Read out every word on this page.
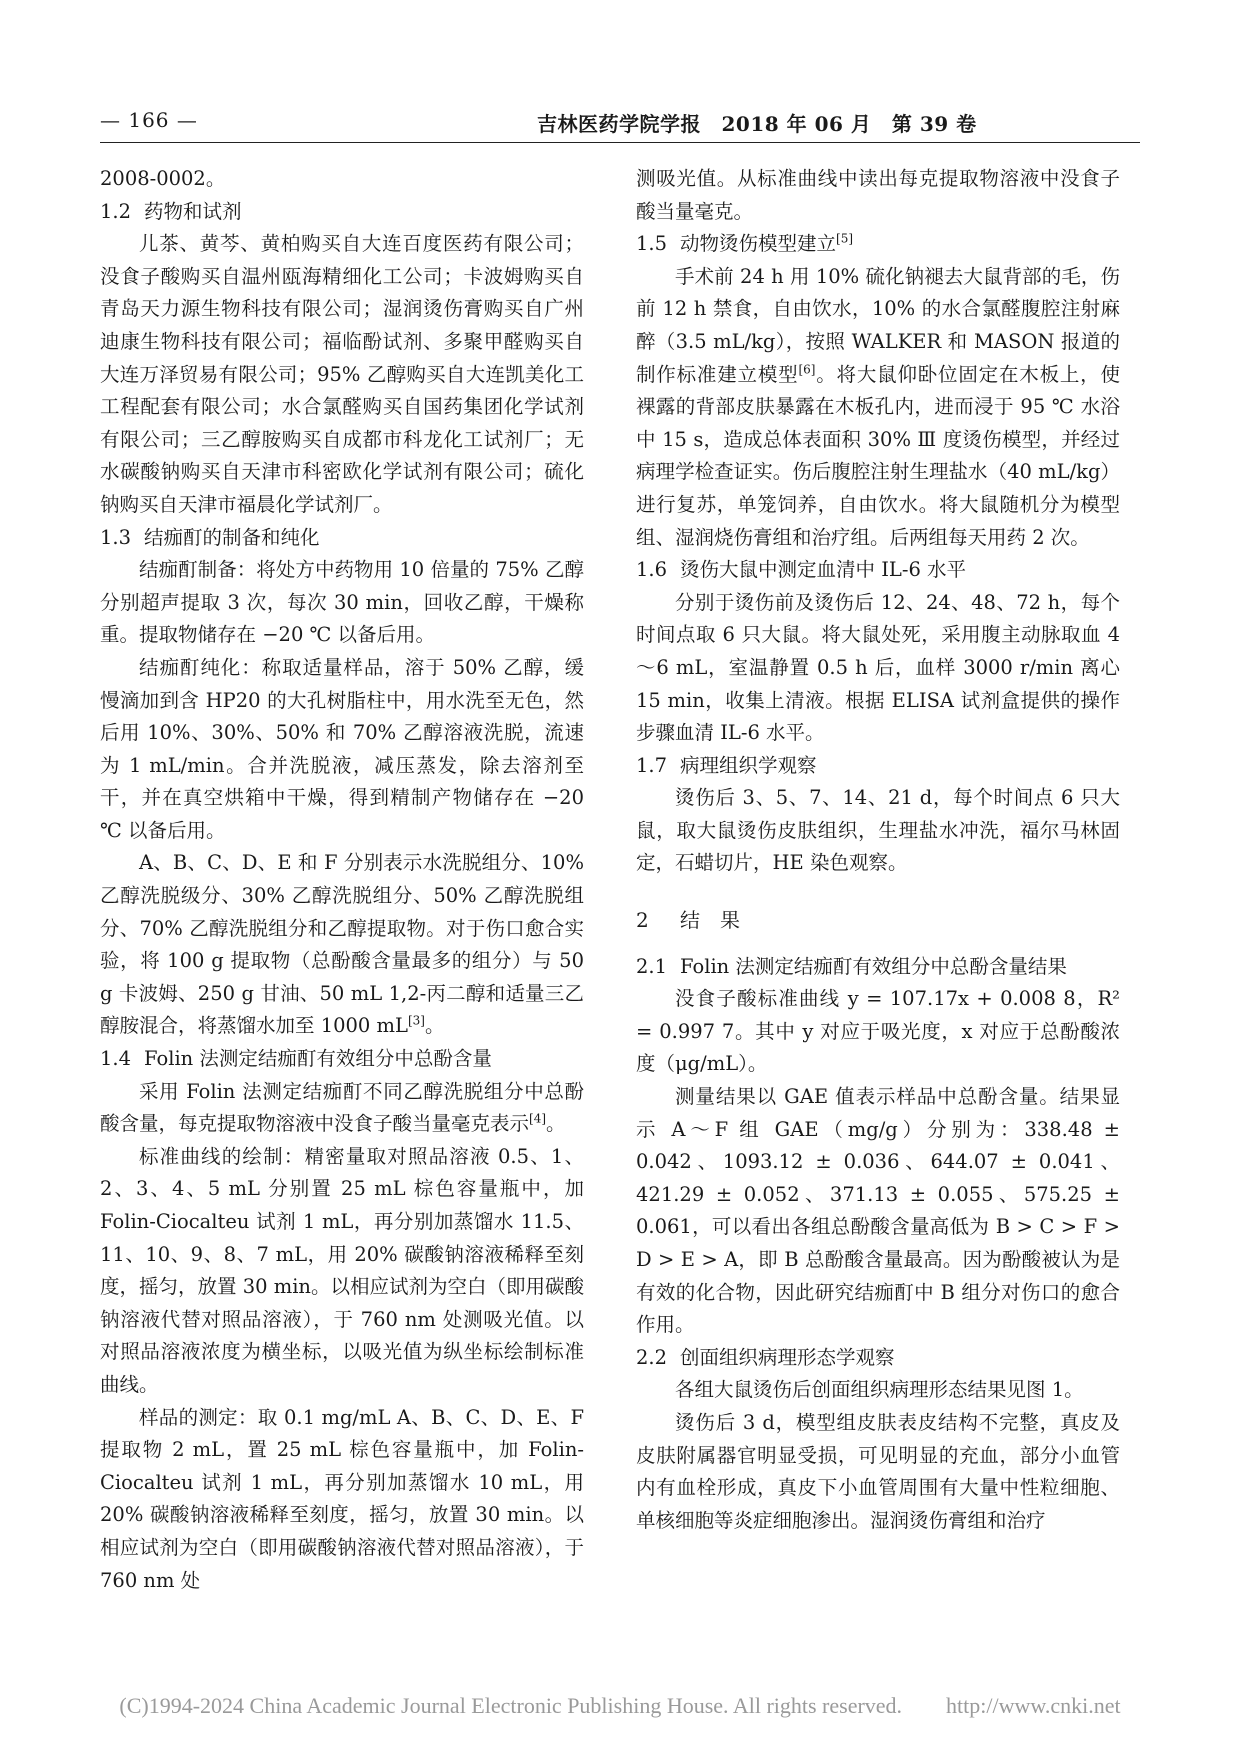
— 166 —	吉林医药学院学报　2018 年 06 月　第 39 卷

2008-0002。

1.2 药物和试剂

儿茶、黄芩、黄柏购买自大连百度医药有限公司；没食子酸购买自温州瓯海精细化工公司；卡波姆购买自青岛天力源生物科技有限公司；湿润烫伤膏购买自广州迪康生物科技有限公司；福临酚试剂、多聚甲醛购买自大连万泽贸易有限公司；95% 乙醇购买自大连凯美化工工程配套有限公司；水合氯醛购买自国药集团化学试剂有限公司；三乙醇胺购买自成都市科龙化工试剂厂；无水碳酸钠购买自天津市科密欧化学试剂有限公司；硫化钠购买自天津市福晨化学试剂厂。

1.3 结痂酊的制备和纯化

结痂酊制备：将处方中药物用 10 倍量的 75% 乙醇分别超声提取 3 次，每次 30 min，回收乙醇，干燥称重。提取物储存在 −20 ℃ 以备后用。

结痂酊纯化：称取适量样品，溶于 50% 乙醇，缓慢滴加到含 HP20 的大孔树脂柱中，用水洗至无色，然后用 10%、30%、50% 和 70% 乙醇溶液洗脱，流速为 1 mL/min。合并洗脱液，减压蒸发，除去溶剂至干，并在真空烘箱中干燥，得到精制产物储存在 −20 ℃ 以备后用。

A、B、C、D、E 和 F 分别表示水洗脱组分、10% 乙醇洗脱级分、30% 乙醇洗脱组分、50% 乙醇洗脱组分、70% 乙醇洗脱组分和乙醇提取物。对于伤口愈合实验，将 100 g 提取物（总酚酸含量最多的组分）与 50 g 卡波姆、250 g 甘油、50 mL 1,2-丙二醇和适量三乙醇胺混合，将蒸馏水加至 1000 mL[3]。

1.4 Folin 法测定结痂酊有效组分中总酚含量

采用 Folin 法测定结痂酊不同乙醇洗脱组分中总酚酸含量，每克提取物溶液中没食子酸当量毫克表示[4]。

标准曲线的绘制：精密量取对照品溶液 0.5、1、2、3、4、5 mL 分别置 25 mL 棕色容量瓶中，加 Folin-Ciocalteu 试剂 1 mL，再分别加蒸馏水 11.5、11、10、9、8、7 mL，用 20% 碳酸钠溶液稀释至刻度，摇匀，放置 30 min。以相应试剂为空白（即用碳酸钠溶液代替对照品溶液），于 760 nm 处测吸光值。以对照品溶液浓度为横坐标，以吸光值为纵坐标绘制标准曲线。

样品的测定：取 0.1 mg/mL A、B、C、D、E、F 提取物 2 mL，置 25 mL 棕色容量瓶中，加 Folin-Ciocalteu 试剂 1 mL，再分别加蒸馏水 10 mL，用 20% 碳酸钠溶液稀释至刻度，摇匀，放置 30 min。以相应试剂为空白（即用碳酸钠溶液代替对照品溶液），于 760 nm 处

测吸光值。从标准曲线中读出每克提取物溶液中没食子酸当量毫克。

1.5 动物烫伤模型建立[5]

手术前 24 h 用 10% 硫化钠褪去大鼠背部的毛，伤前 12 h 禁食，自由饮水，10% 的水合氯醛腹腔注射麻醉（3.5 mL/kg），按照 WALKER 和 MASON 报道的制作标准建立模型[6]。将大鼠仰卧位固定在木板上，使裸露的背部皮肤暴露在木板孔内，进而浸于 95 ℃ 水浴中 15 s，造成总体表面积 30% Ⅲ 度烫伤模型，并经过病理学检查证实。伤后腹腔注射生理盐水（40 mL/kg）进行复苏，单笼饲养，自由饮水。将大鼠随机分为模型组、湿润烧伤膏组和治疗组。后两组每天用药 2 次。

1.6 烫伤大鼠中测定血清中 IL-6 水平

分别于烫伤前及烫伤后 12、24、48、72 h，每个时间点取 6 只大鼠。将大鼠处死，采用腹主动脉取血 4～6 mL，室温静置 0.5 h 后，血样 3000 r/min 离心 15 min，收集上清液。根据 ELISA 试剂盒提供的操作步骤血清 IL-6 水平。

1.7 病理组织学观察

烫伤后 3、5、7、14、21 d，每个时间点 6 只大鼠，取大鼠烫伤皮肤组织，生理盐水冲洗，福尔马林固定，石蜡切片，HE 染色观察。

2 结　果

2.1 Folin 法测定结痂酊有效组分中总酚含量结果

没食子酸标准曲线 y = 107.17x + 0.008 8，R² = 0.997 7。其中 y 对应于吸光度，x 对应于总酚酸浓度（μg/mL）。

测量结果以 GAE 值表示样品中总酚含量。结果显示 A～F 组 GAE（mg/g）分别为：338.48 ± 0.042、1093.12 ± 0.036、644.07 ± 0.041、421.29 ± 0.052、371.13 ± 0.055、575.25 ± 0.061，可以看出各组总酚酸含量高低为 B > C > F > D > E > A，即 B 总酚酸含量最高。因为酚酸被认为是有效的化合物，因此研究结痂酊中 B 组分对伤口的愈合作用。

2.2 创面组织病理形态学观察

各组大鼠烫伤后创面组织病理形态结果见图 1。

烫伤后 3 d，模型组皮肤表皮结构不完整，真皮及皮肤附属器官明显受损，可见明显的充血，部分小血管内有血栓形成，真皮下小血管周围有大量中性粒细胞、单核细胞等炎症细胞渗出。湿润烫伤膏组和治疗

(C)1994-2024 China Academic Journal Electronic Publishing House. All rights reserved.　　http://www.cnki.net
